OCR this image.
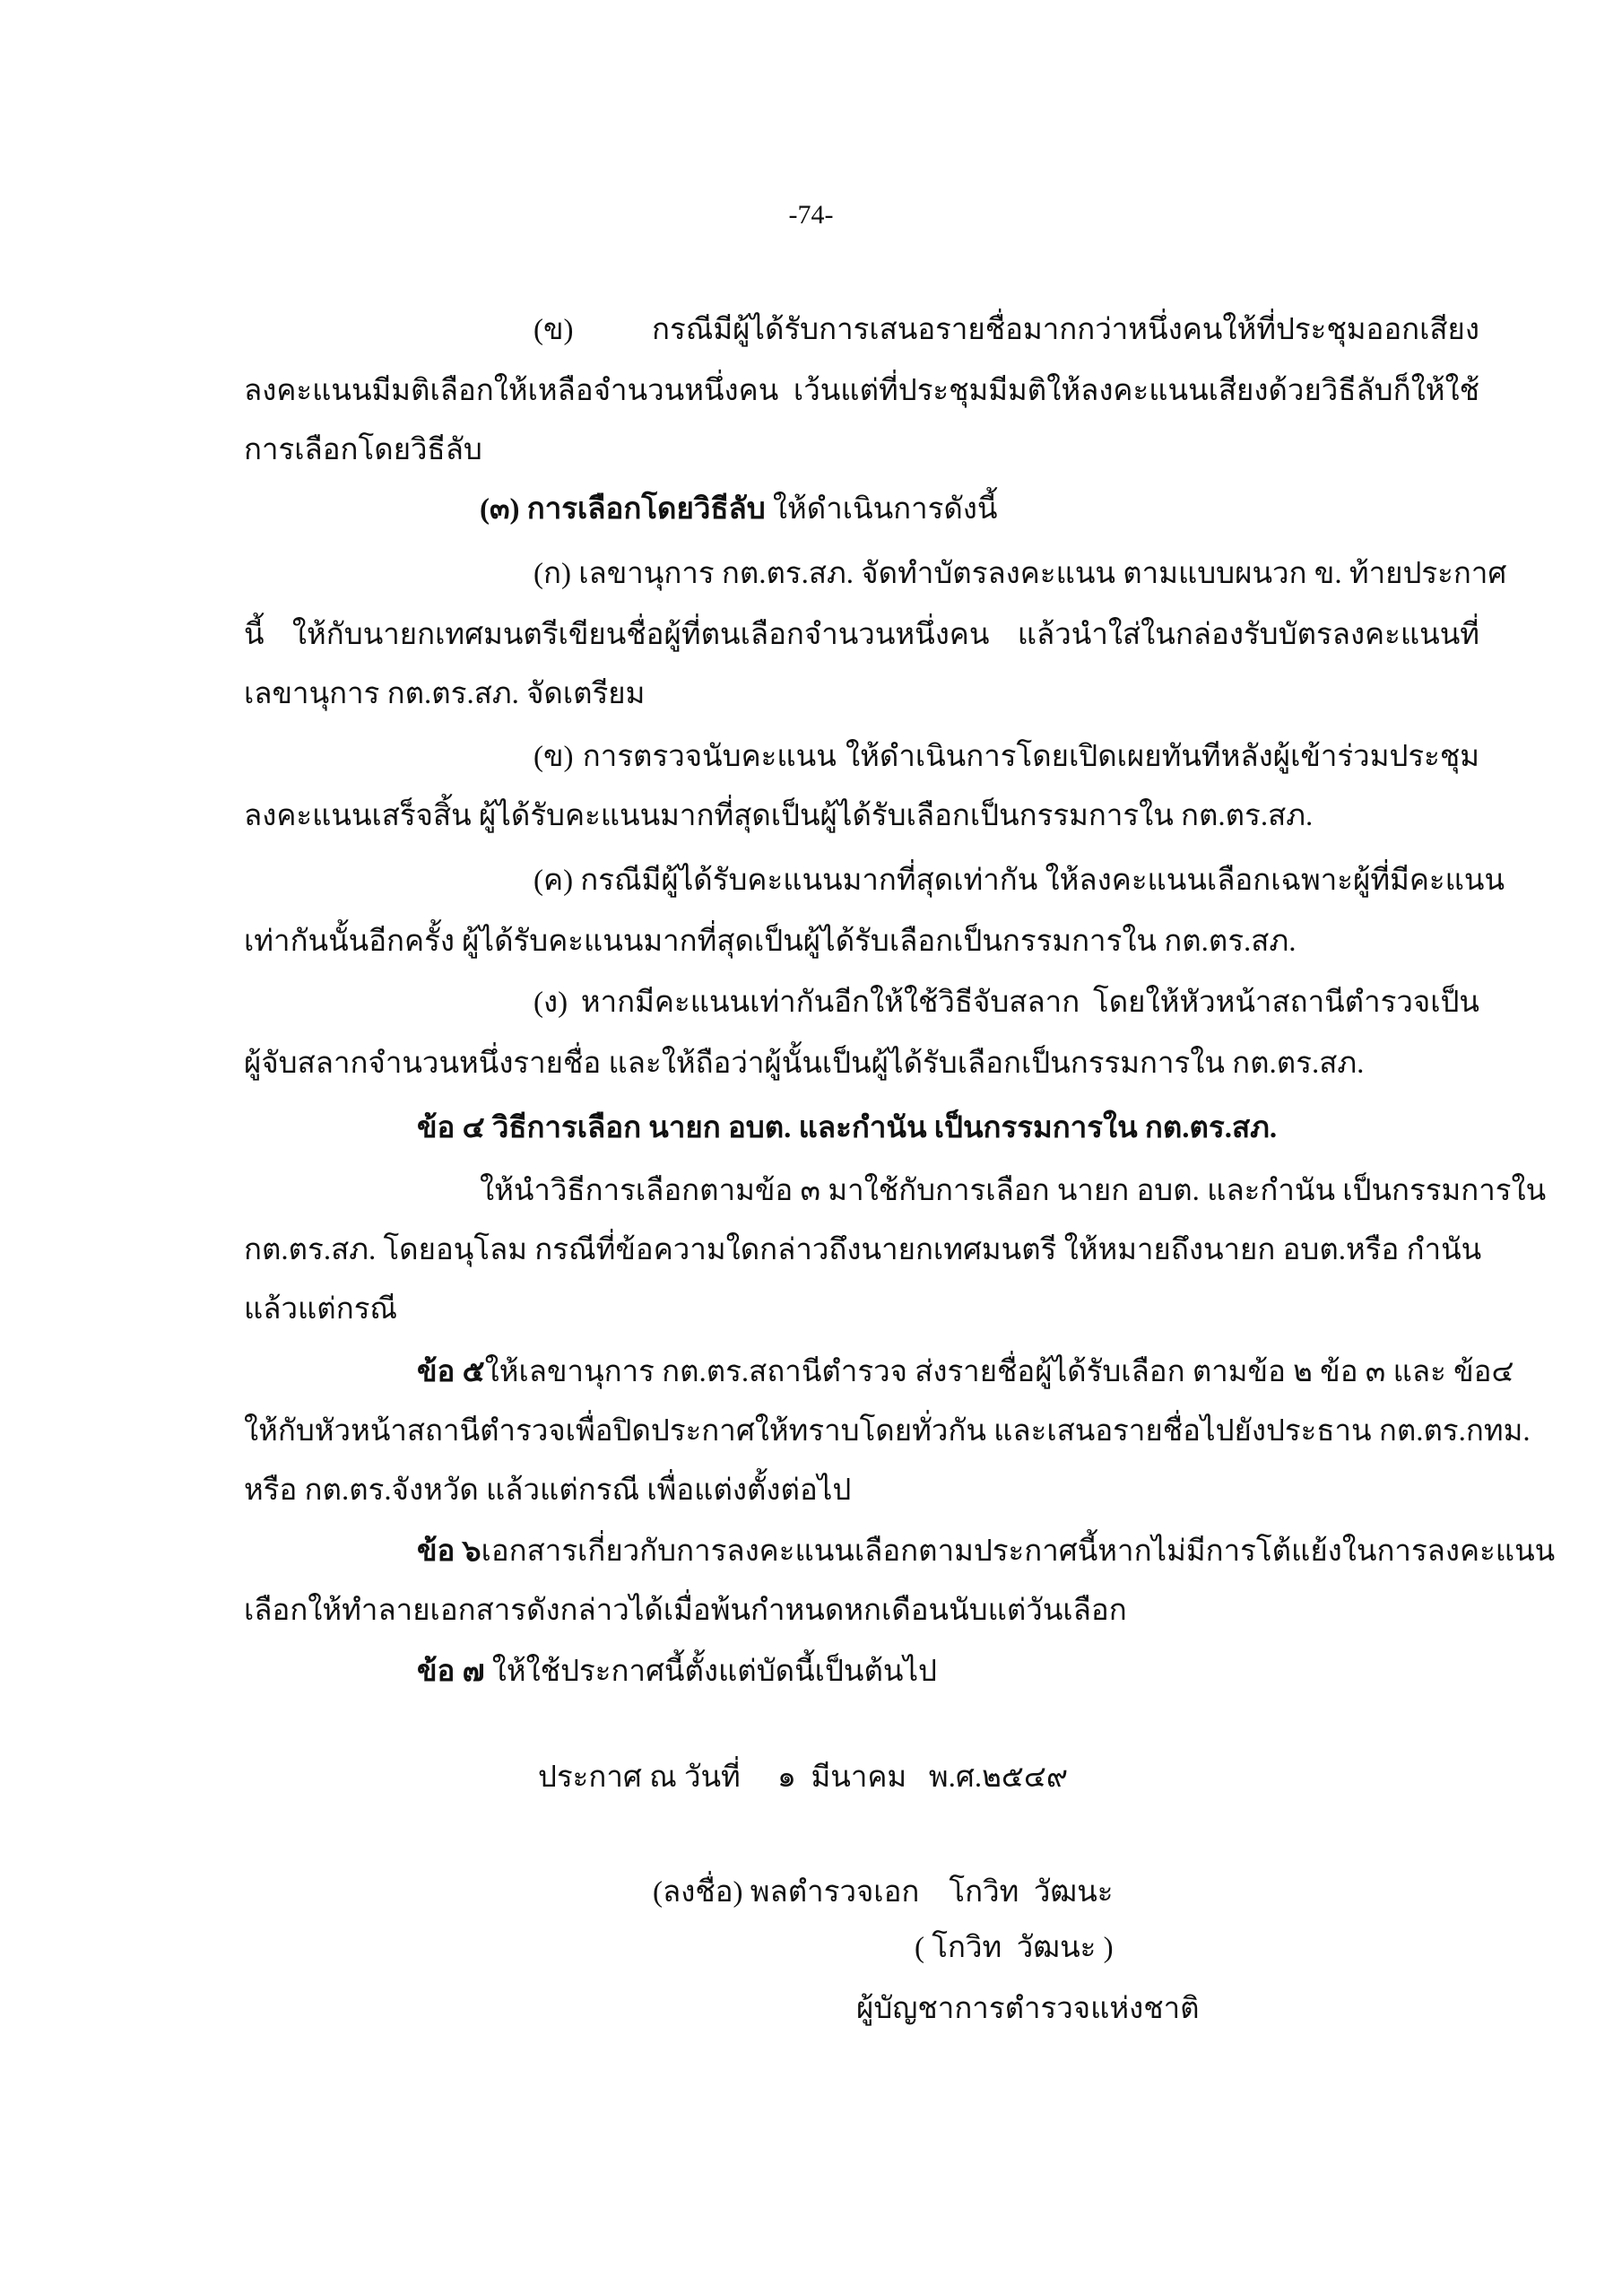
-74-
(ข) กรณีมีผู้ได้รับการเสนอรายชื่อมากกว่าหนึ่งคนให้ที่ประชุมออกเสียง
ลงคะแนนมีมติเลือกให้เหลือจำนวนหนึ่งคน เว้นแต่ที่ประชุมมีมติให้ลงคะแนนเสียงด้วยวิธีลับก็ให้ใช้
การเลือกโดยวิธีลับ
(๓) การเลือกโดยวิธีลับ ให้ดำเนินการดังนี้
(ก) เลขานุการ กต.ตร.สภ. จัดทำบัตรลงคะแนน ตามแบบผนวก ข. ท้ายประกาศ
นี้ ให้กับนายกเทศมนตรีเขียนชื่อผู้ที่ตนเลือกจำนวนหนึ่งคน แล้วนำใส่ในกล่องรับบัตรลงคะแนนที่
เลขานุการ กต.ตร.สภ. จัดเตรียม
(ข) การตรวจนับคะแนน ให้ดำเนินการโดยเปิดเผยทันทีหลังผู้เข้าร่วมประชุม
ลงคะแนนเสร็จสิ้น ผู้ได้รับคะแนนมากที่สุดเป็นผู้ได้รับเลือกเป็นกรรมการใน กต.ตร.สภ.
(ค) กรณีมีผู้ได้รับคะแนนมากที่สุดเท่ากัน ให้ลงคะแนนเลือกเฉพาะผู้ที่มีคะแนน
เท่ากันนั้นอีกครั้ง ผู้ได้รับคะแนนมากที่สุดเป็นผู้ได้รับเลือกเป็นกรรมการใน กต.ตร.สภ.
(ง) หากมีคะแนนเท่ากันอีกให้ใช้วิธีจับสลาก โดยให้หัวหน้าสถานีตำรวจเป็น
ผู้จับสลากจำนวนหนึ่งรายชื่อ และให้ถือว่าผู้นั้นเป็นผู้ได้รับเลือกเป็นกรรมการใน กต.ตร.สภ.
ข้อ ๔ วิธีการเลือก นายก อบต. และกำนัน เป็นกรรมการใน กต.ตร.สภ.
ให้นำวิธีการเลือกตามข้อ ๓ มาใช้กับการเลือก นายก อบต. และกำนัน เป็นกรรมการใน
กต.ตร.สภ. โดยอนุโลม กรณีที่ข้อความใดกล่าวถึงนายกเทศมนตรี ให้หมายถึงนายก อบต.หรือ กำนัน
แล้วแต่กรณี
ข้อ ๕ ให้เลขานุการ กต.ตร.สถานีตำรวจ ส่งรายชื่อผู้ได้รับเลือก ตามข้อ ๒ ข้อ ๓ และ ข้อ๔
ให้กับหัวหน้าสถานีตำรวจเพื่อปิดประกาศให้ทราบโดยทั่วกัน และเสนอรายชื่อไปยังประธาน กต.ตร.กทม.
หรือ กต.ตร.จังหวัด แล้วแต่กรณี เพื่อแต่งตั้งต่อไป
ข้อ ๖ เอกสารเกี่ยวกับการลงคะแนนเลือกตามประกาศนี้หากไม่มีการโต้แย้งในการลงคะแนน
เลือกให้ทำลายเอกสารดังกล่าวได้เมื่อพ้นกำหนดหกเดือนนับแต่วันเลือก
ข้อ ๗ ให้ใช้ประกาศนี้ตั้งแต่บัดนี้เป็นต้นไป
ประกาศ ณ วันที่     ๑  มีนาคม   พ.ศ.๒๕๔๙
(ลงชื่อ) พลตำรวจเอก    โกวิท  วัฒนะ
( โกวิท  วัฒนะ )
ผู้บัญชาการตำรวจแห่งชาติ
